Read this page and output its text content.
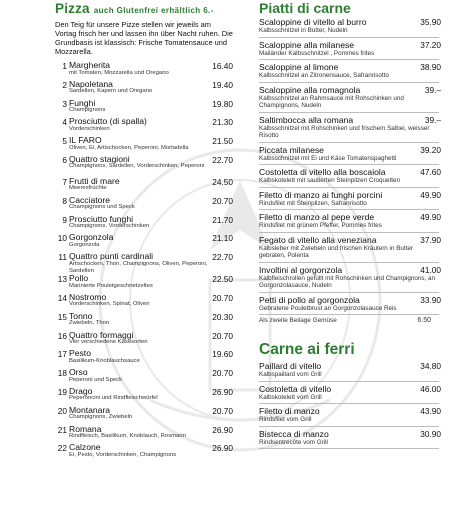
Pizza auch Glutenfrei erhältlich 6.-
Den Teig für unsere Pizze stellen wir jeweils am Vortag frisch her und lassen ihn über Nacht ruhen. Die Grundbasis ist klassisch: Frische Tomatensauce und Mozzarella.
1 Margherita	16.40
mit Tomaten, Mozzarella und Oregano
2 Napoletana	19.40
Sardellen, Kapern und Oregano
3 Funghi	19.80
Champignons
4 Prosciutto (di spalla)	21.30
Vorderschinken
5 IL FARO	21.50
Oliven, Ei, Artischocken, Peperoni, Mortadella
6 Quattro stagioni	22.70
Champignons, Sardellen, Vorderschinken, Peperoni
7 Frutti di mare	24.50
Meeresfrüchte
8 Cacciatore	20.70
Champignons und Speck
9 Prosciutto funghi	21.70
Champignons, Vorderschinken
10 Gorgonzola	21.10
Gorgonzola
11 Quattro punti cardinali	22.70
Artischocken, Thon, Champignons, Oliven, Peperoni, Sardellen
13 Pollo	22.50
Marinierte Pouletgeschnetzeltes
14 Nostromo	20.70
Vorderschinken, Spinat, Oliven
15 Tonno	20.30
Zwiebeln, Thon
16 Quattro formaggi	20.70
Vier verschiedene Käsesorten
17 Pesto	19.60
Basilikum-Knoblauchsauce
18 Orso	20.70
Peperoni und Speck
19 Drago	26.90
Peperoncini und Rindfleischwürfel
20 Montanara	20.70
Champignons, Zwiebeln
21 Romana	26.90
Rindfleisch, Basilikum, Knoblauch, Rosmarin
22 Calzone	26.90
Ei, Pesto, Vorderschinken, Champignons
Piatti di carne
Scaloppine di vitello al burro	35.90
Kalbsschnitzel in Butter, Nudeln
Scaloppine alla milanese	37.20
Mailänder Kalbsschnitzel , Pommes frites
Scaloppine al limone	38.90
Kalbsschnitzel an Zitronensauce, Safranrisotto
Scaloppine alla romagnola	39.–
Kalbsschnitzel an Rahmsauce mit Rohschinken und Champignons, Nudeln
Saltimbocca alla romana	39.–
Kalbsschnitzel mit Rohschinken und frischem Salbei, weisser Risotto
Piccata milanese	39.20
Kalbsschnitzel mit Ei und Käse Tomatenspaghetti
Costoletta di vitello alla boscaiola	47.60
Kalbskotelett mit sautierten Steinpilzen Croquetten
Filetto di manzo ai funghi porcini	49.90
Rindsfilet mit Steinpilzen, Safranrisotto
Filetto di manzo al pepe verde	49.90
Rindsfilet mit grünem Pfeffer, Pommes frites
Fegato di vitello alla veneziana	37.90
Kalbsleber mit Zwiebeln und frischen Kräutern in Butter gebraten, Polenta
Involtini al gorgonzola	41.00
Kalbfleischrollen gefüllt mit Rohschinken und Champignons, an Gorgonzolasauce, Nudeln
Petti di pollo al gorgonzola	33.90
Gebratene Pouletbrust an Gorgonzolasauce Reis
Als zweite Beilage Gemüse	6.50
Carne ai ferri
Paillard di vitello	34.80
Kalbspaillard vom Grill
Costoletta di vitello	46.00
Kalbskotelett vom Grill
Filetto di manzo	43.90
Rindsfilet vom Grill
Bistecca di manzo	30.90
Rindsentrecôte vom Grill
